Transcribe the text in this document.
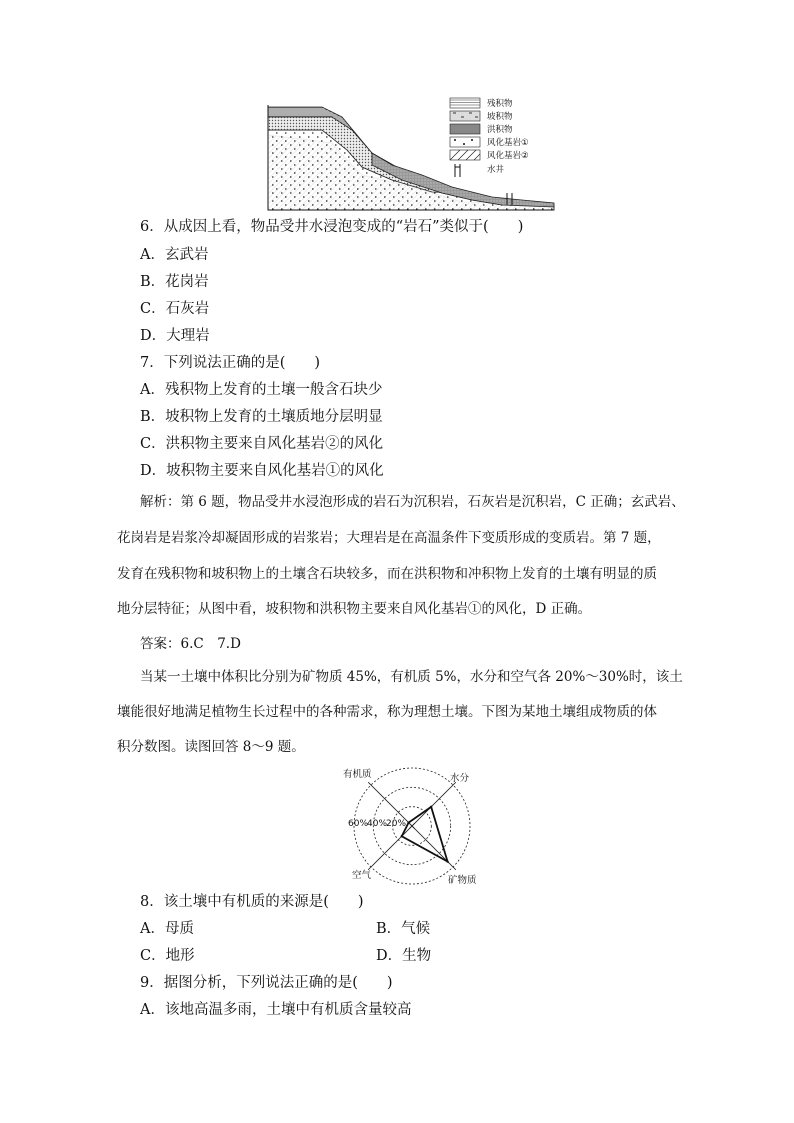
残积物
坡积物
洪积物
风化基岩①
风化基岩②
水井
6．从成因上看，物品受井水浸泡变成的“岩石”类似于(　　)
A．玄武岩
B．花岗岩
C．石灰岩
D．大理岩
7．下列说法正确的是(　　)
A．残积物上发育的土壤一般含石块少
B．坡积物上发育的土壤质地分层明显
C．洪积物主要来自风化基岩②的风化
D．坡积物主要来自风化基岩①的风化
解析：第 6 题，物品受井水浸泡形成的岩石为沉积岩，石灰岩是沉积岩，C 正确；玄武岩、
花岗岩是岩浆冷却凝固形成的岩浆岩；大理岩是在高温条件下变质形成的变质岩。第 7 题，
发育在残积物和坡积物上的土壤含石块较多，而在洪积物和冲积物上发育的土壤有明显的质
地分层特征；从图中看，坡积物和洪积物主要来自风化基岩①的风化，D 正确。
答案：6.C　7.D
当某一土壤中体积比分别为矿物质 45%，有机质 5%，水分和空气各 20%～30%时，该土
壤能很好地满足植物生长过程中的各种需求，称为理想土壤。下图为某地土壤组成物质的体
积分数图。读图回答 8～9 题。
有机质	水分
矿物质
空气
60%
40%
20%
8．该土壤中有机质的来源是(　　)
A．母质	B．气候
C．地形	D．生物
9．据图分析，下列说法正确的是(　　)
A．该地高温多雨，土壤中有机质含量较高
